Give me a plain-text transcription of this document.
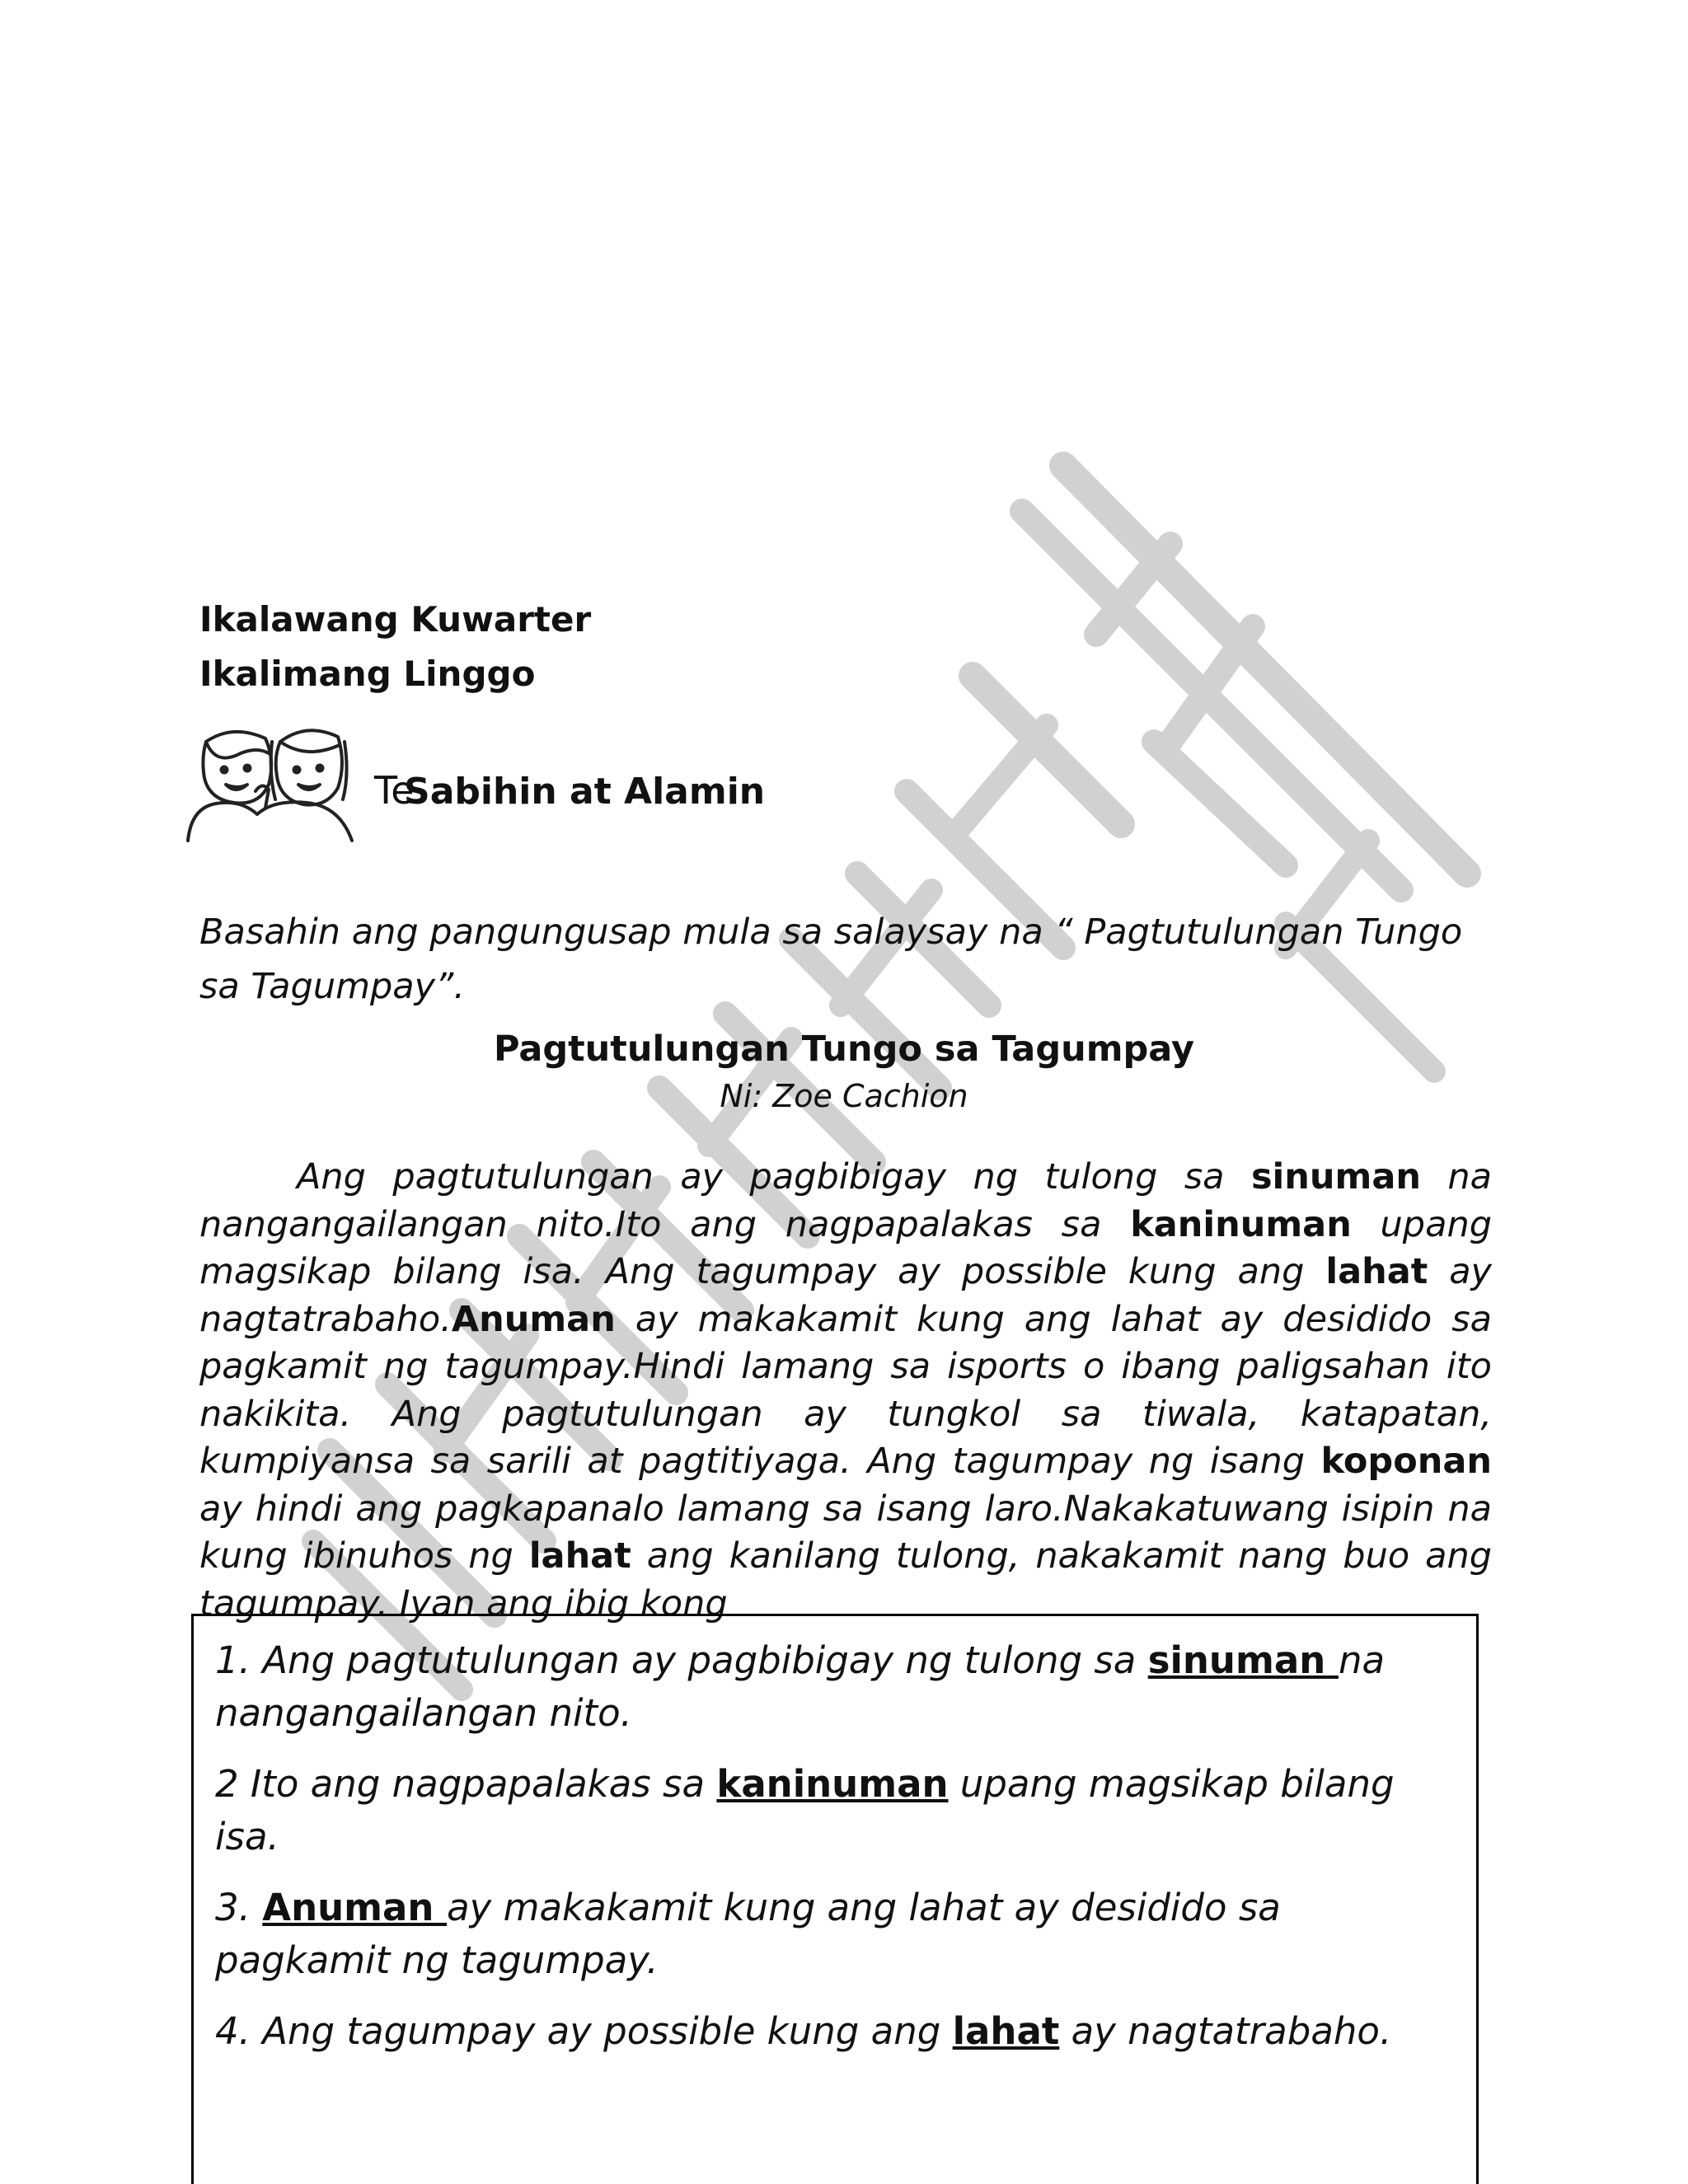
Ikalawang Kuwarter
Ikalimang Linggo
TeSabihin at Alamin
Basahin ang pangungusap mula sa salaysay na “ Pagtutulungan Tungo sa Tagumpay”.
Pagtutulungan Tungo sa Tagumpay
Ni: Zoe Cachion

Ang pagtutulungan ay pagbibigay ng tulong sa sinuman na nangangailangan nito.Ito ang nagpapalakas sa kaninuman upang magsikap bilang isa. Ang tagumpay ay possible kung ang lahat ay nagtatrabaho.Anuman ay makakamit kung ang lahat ay desidido sa pagkamit ng tagumpay.Hindi lamang sa isports o ibang paligsahan ito nakikita. Ang pagtutulungan ay tungkol sa tiwala, katapatan, kumpiyansa sa sarili at pagtitiyaga. Ang tagumpay ng isang koponan ay hindi ang pagkapanalo lamang sa isang laro.Nakakatuwang isipin na kung ibinuhos ng lahat ang kanilang tulong, nakakamit nang buo ang tagumpay. Iyan ang ibig kong

1. Ang pagtutulungan ay pagbibigay ng tulong sa sinuman na nangangailangan nito.

2 Ito ang nagpapalakas sa kaninuman upang magsikap bilang isa.

3. Anuman ay makakamit kung ang lahat ay desidido sa pagkamit ng tagumpay.

4. Ang tagumpay ay possible kung ang lahat ay nagtatrabaho.
